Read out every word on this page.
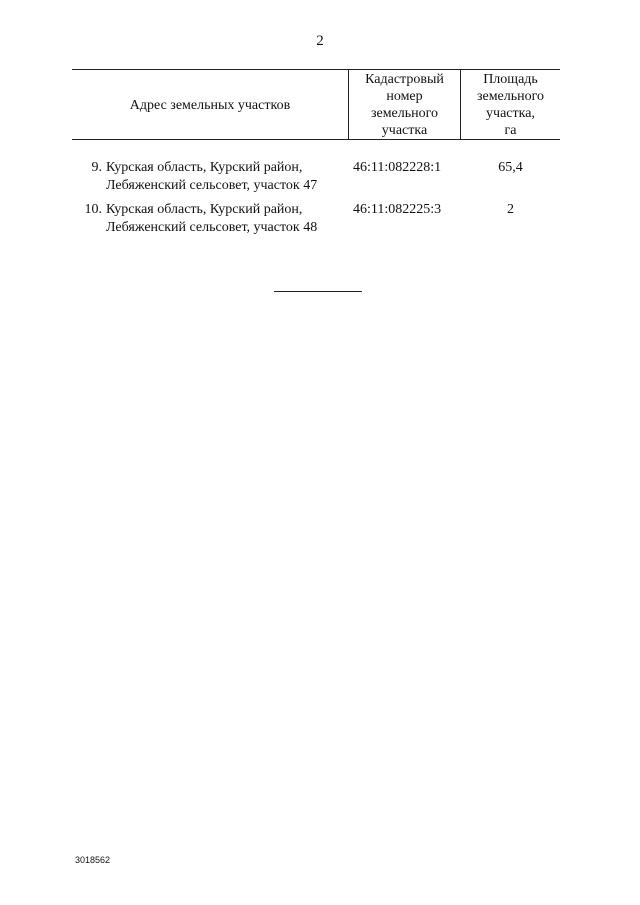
2
Адрес земельных участков
Кадастровый
номер
земельного
участка
Площадь
земельного
участка,
га
9. Курская область, Курский район,
Лебяженский сельсовет, участок 47
46:11:082228:1	65,4
10. Курская область, Курский район,
Лебяженский сельсовет, участок 48
46:11:082225:3	2
3018562
